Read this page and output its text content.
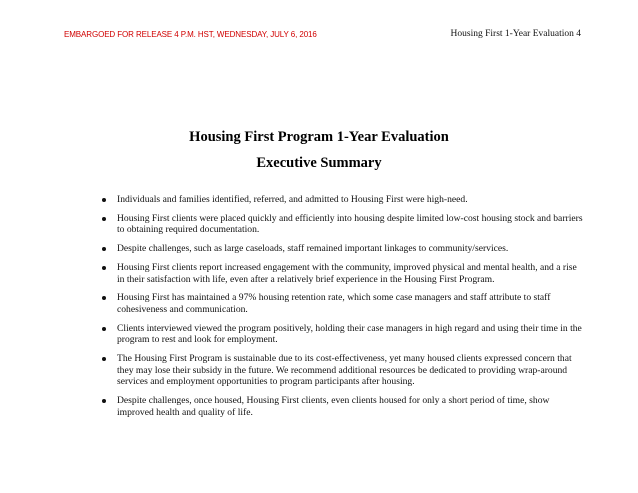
EMBARGOED FOR RELEASE 4 P.M. HST, WEDNESDAY, JULY 6, 2016	Housing First 1-Year Evaluation 4
Housing First Program 1-Year Evaluation
Executive Summary
Individuals and families identified, referred, and admitted to Housing First were high-need.
Housing First clients were placed quickly and efficiently into housing despite limited low-cost housing stock and barriers to obtaining required documentation.
Despite challenges, such as large caseloads, staff remained important linkages to community/services.
Housing First clients report increased engagement with the community, improved physical and mental health, and a rise in their satisfaction with life, even after a relatively brief experience in the Housing First Program.
Housing First has maintained a 97% housing retention rate, which some case managers and staff attribute to staff cohesiveness and communication.
Clients interviewed viewed the program positively, holding their case managers in high regard and using their time in the program to rest and look for employment.
The Housing First Program is sustainable due to its cost-effectiveness, yet many housed clients expressed concern that they may lose their subsidy in the future. We recommend additional resources be dedicated to providing wrap-around services and employment opportunities to program participants after housing.
Despite challenges, once housed, Housing First clients, even clients housed for only a short period of time, show improved health and quality of life.
